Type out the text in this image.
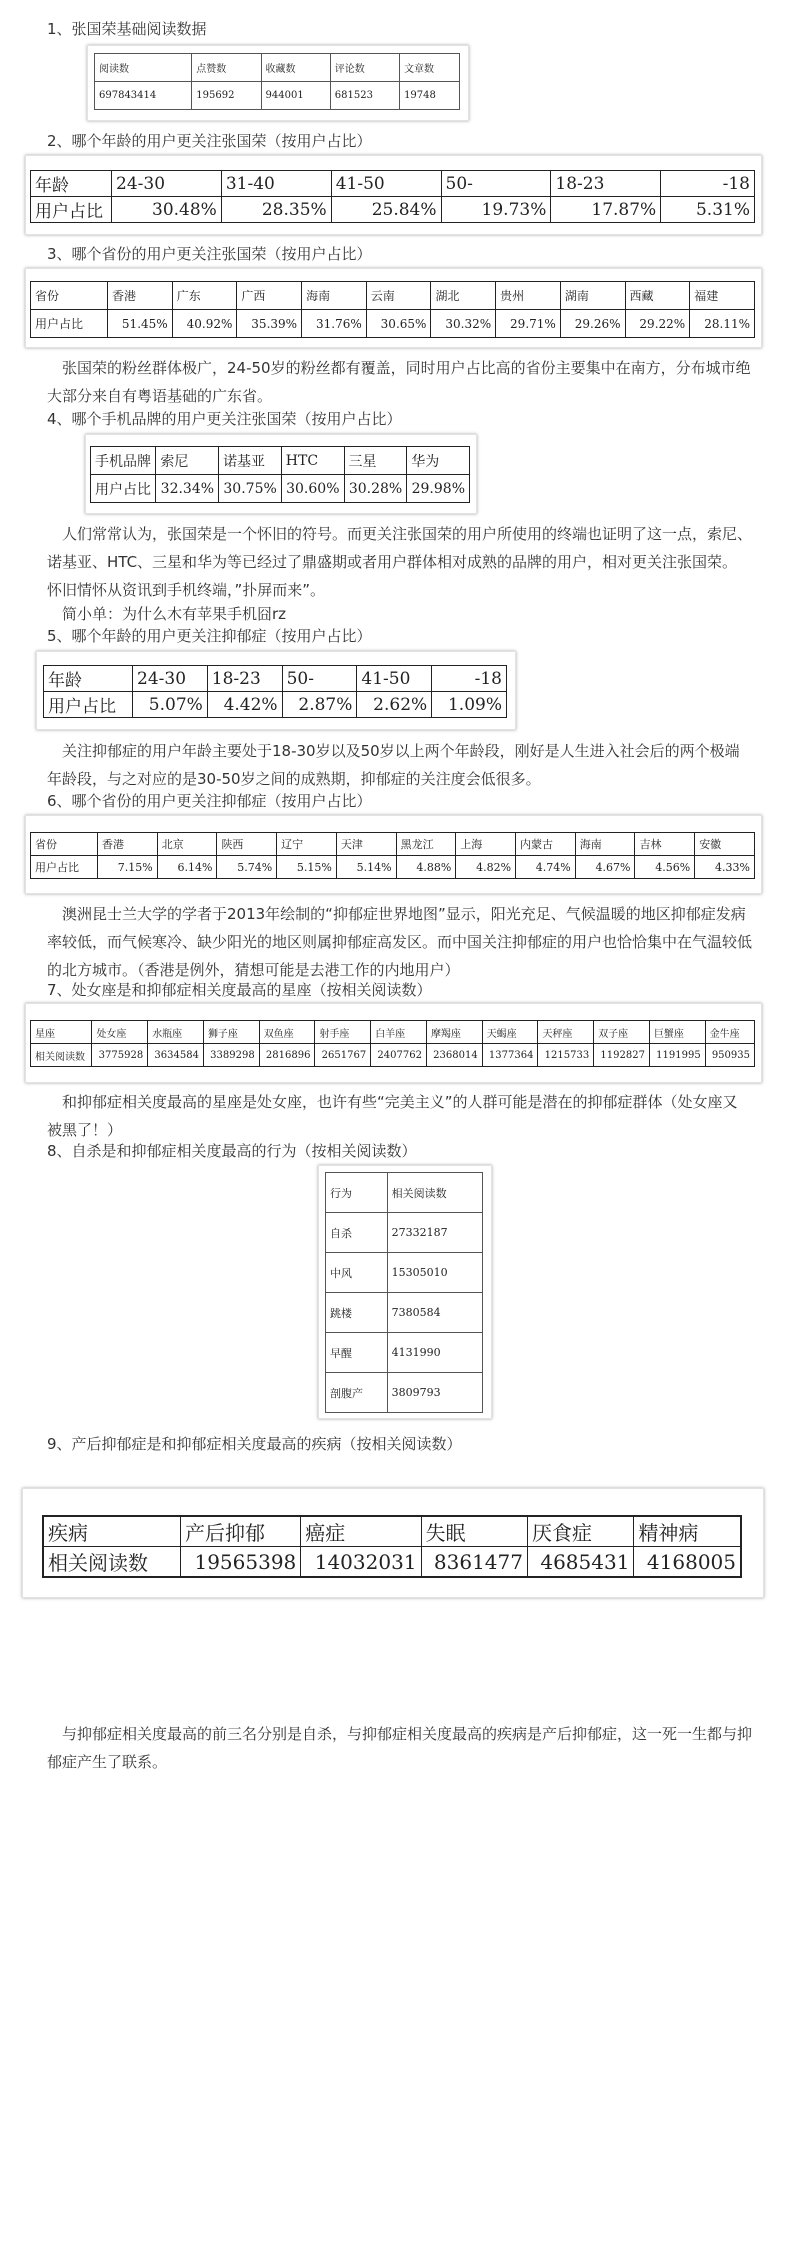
1、张国荣基础阅读数据
阅读数	点赞数	收藏数	评论数	文章数
697843414	195692	944001	681523	19748
2、哪个年龄的用户更关注张国荣（按用户占比）
年龄	24-30	31-40	41-50	50-	18-23	-18
用户占比	30.48%	28.35%	25.84%	19.73%	17.87%	5.31%
3、哪个省份的用户更关注张国荣（按用户占比）
省份	香港	广东	广西	海南	云南	湖北	贵州	湖南	西藏	福建
用户占比	51.45%	40.92%	35.39%	31.76%	30.65%	30.32%	29.71%	29.26%	29.22%	28.11%
张国荣的粉丝群体极广，24-50岁的粉丝都有覆盖，同时用户占比高的省份主要集中在南方，分布城市绝大部分来自有粤语基础的广东省。
4、哪个手机品牌的用户更关注张国荣（按用户占比）
手机品牌	索尼	诺基亚	HTC	三星	华为
用户占比	32.34%	30.75%	30.60%	30.28%	29.98%
人们常常认为，张国荣是一个怀旧的符号。而更关注张国荣的用户所使用的终端也证明了这一点，索尼、诺基亚、HTC、三星和华为等已经过了鼎盛期或者用户群体相对成熟的品牌的用户，相对更关注张国荣。怀旧情怀从资讯到手机终端，”扑屏而来”。
简小单：为什么木有苹果手机囧rz
5、哪个年龄的用户更关注抑郁症（按用户占比）
年龄	24-30	18-23	50-	41-50	-18
用户占比	5.07%	4.42%	2.87%	2.62%	1.09%
关注抑郁症的用户年龄主要处于18-30岁以及50岁以上两个年龄段，刚好是人生进入社会后的两个极端年龄段，与之对应的是30-50岁之间的成熟期，抑郁症的关注度会低很多。
6、哪个省份的用户更关注抑郁症（按用户占比）
省份	香港	北京	陕西	辽宁	天津	黑龙江	上海	内蒙古	海南	吉林	安徽
用户占比	7.15%	6.14%	5.74%	5.15%	5.14%	4.88%	4.82%	4.74%	4.67%	4.56%	4.33%
澳洲昆士兰大学的学者于2013年绘制的“抑郁症世界地图”显示，阳光充足、气候温暖的地区抑郁症发病率较低，而气候寒冷、缺少阳光的地区则属抑郁症高发区。而中国关注抑郁症的用户也恰恰集中在气温较低的北方城市。（香港是例外，猜想可能是去港工作的内地用户）
7、处女座是和抑郁症相关度最高的星座（按相关阅读数）
星座	处女座	水瓶座	狮子座	双鱼座	射手座	白羊座	摩羯座	天蝎座	天秤座	双子座	巨蟹座	金牛座
相关阅读数	3775928	3634584	3389298	2816896	2651767	2407762	2368014	1377364	1215733	1192827	1191995	950935
和抑郁症相关度最高的星座是处女座，也许有些“完美主义”的人群可能是潜在的抑郁症群体（处女座又被黑了！）
8、自杀是和抑郁症相关度最高的行为（按相关阅读数）
行为	相关阅读数
自杀	27332187
中风	15305010
跳楼	7380584
早醒	4131990
剖腹产	3809793
9、产后抑郁症是和抑郁症相关度最高的疾病（按相关阅读数）
疾病	产后抑郁	癌症	失眠	厌食症	精神病
相关阅读数	19565398	14032031	8361477	4685431	4168005
与抑郁症相关度最高的前三名分别是自杀，与抑郁症相关度最高的疾病是产后抑郁症，这一死一生都与抑郁症产生了联系。
